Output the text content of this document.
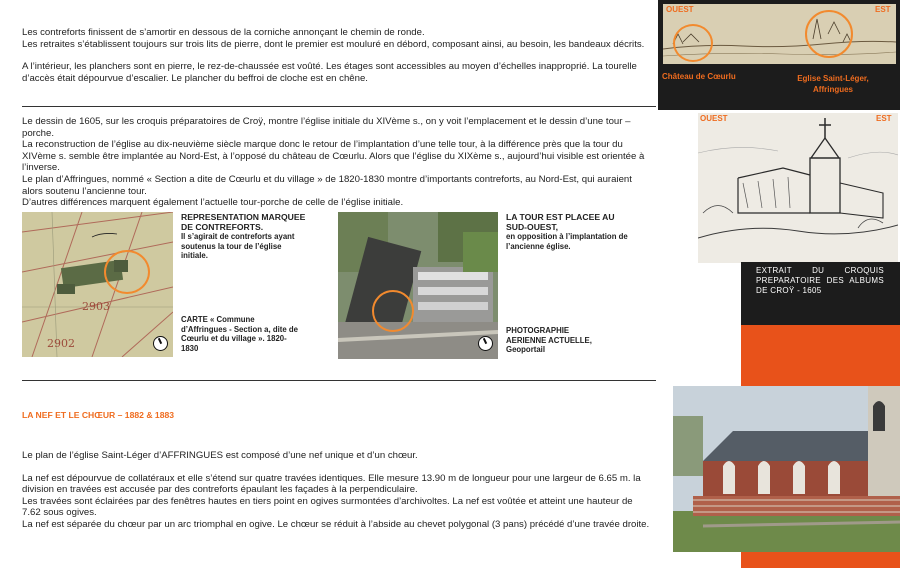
Les contreforts finissent de s’amortir en dessous de la corniche annonçant le chemin de ronde.

Les retraites s’établissent toujours sur trois lits de pierre, dont le premier est mouluré en débord, composant ainsi, au besoin, les bandeaux décrits.

A l’intérieur, les planchers sont en pierre, le rez-de-chaussée est voûté. Les étages sont accessibles au moyen d’échelles inapproprié. La tourelle d’accès était dépourvue d’escalier. Le plancher du beffroi de cloche est en chêne.

Le dessin de 1605, sur les croquis préparatoires de Croÿ, montre l’église initiale du XIVème s., on y voit l’emplacement et le dessin d’une tour – porche.

La reconstruction de l’église au dix-neuvième siècle marque donc le retour de l’implantation d’une telle tour, à la différence près que la tour du XIVème s. semble être implantée au Nord-Est, à l’opposé du château de Cœurlu. Alors que l’église du XIXème s., aujourd’hui visible est orientée à l’inverse.

Le plan d’Affringues, nommé « Section a dite de Cœurlu et du village » de 1820-1830 montre d’importants contreforts, au Nord-Est, qui auraient alors soutenu l’ancienne tour.

D’autres différences marquent également l’actuelle tour-porche de celle de l’église initiale.

2903
2902
REPRESENTATION MARQUEE DE CONTREFORTS.
Il s’agirait de contreforts ayant soutenus la tour de l’église initiale.
CARTE « Commune d’Affringues - Section a, dite de Cœurlu et du village ». 1820-1830
LA TOUR EST PLACEE AU SUD-OUEST,
en opposition à l’implantation de l’ancienne église.
PHOTOGRAPHIE AERIENNE ACTUELLE, Geoportail
LA NEF ET LE CHŒUR – 1882 & 1883

Le plan de l’église Saint-Léger d’AFFRINGUES est composé d’une nef unique et d’un chœur.

La nef est dépourvue de collatéraux et elle s’étend sur quatre travées identiques. Elle mesure 13.90 m de longueur pour une largeur de 6.65 m. la division en travées est accusée par des contreforts épaulant les façades à la perpendiculaire.

Les travées sont éclairées par des fenêtres hautes en tiers point en ogives surmontées d’archivoltes. La nef est voûtée et atteint une hauteur de 7.62 sous ogives.

La nef est séparée du chœur par un arc triomphal en ogive. Le chœur se réduit à l’abside au chevet polygonal (3 pans) précédé d’une travée droite.

OUEST	EST
Château de Cœurlu	Eglise Saint-Léger, Affringues
OUEST	EST
EXTRAIT DU CROQUIS PREPARATOIRE DES ALBUMS DE CROŸ - 1605
